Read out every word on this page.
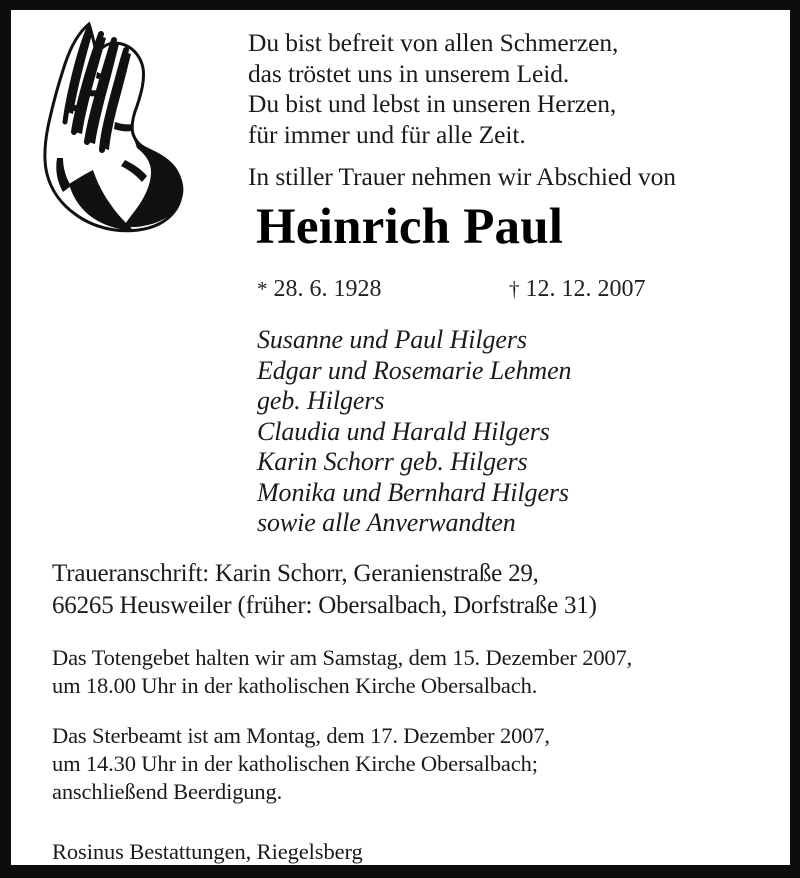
Du bist befreit von allen Schmerzen,
das tröstet uns in unserem Leid.
Du bist und lebst in unseren Herzen,
für immer und für alle Zeit.
In stiller Trauer nehmen wir Abschied von
Heinrich Paul
* 28. 6. 1928	† 12. 12. 2007
Susanne und Paul Hilgers
Edgar und Rosemarie Lehmen
geb. Hilgers
Claudia und Harald Hilgers
Karin Schorr geb. Hilgers
Monika und Bernhard Hilgers
sowie alle Anverwandten
Traueranschrift: Karin Schorr, Geranienstraße 29,
66265 Heusweiler (früher: Obersalbach, Dorfstraße 31)
Das Totengebet halten wir am Samstag, dem 15. Dezember 2007,
um 18.00 Uhr in der katholischen Kirche Obersalbach.
Das Sterbeamt ist am Montag, dem 17. Dezember 2007,
um 14.30 Uhr in der katholischen Kirche Obersalbach;
anschließend Beerdigung.
Rosinus Bestattungen, Riegelsberg
